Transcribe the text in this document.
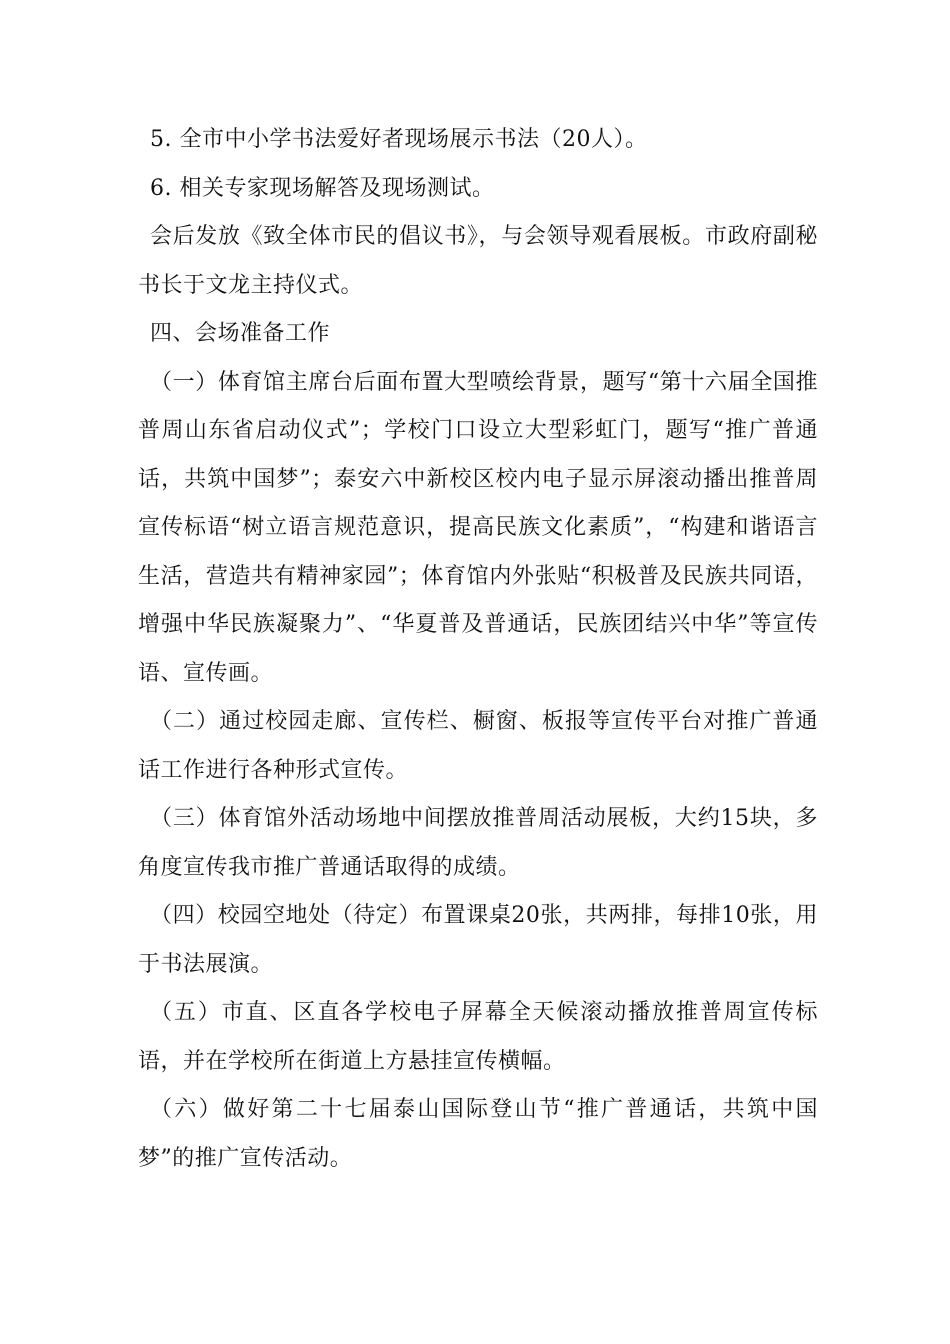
5. 全市中小学书法爱好者现场展示书法（20人）。

6. 相关专家现场解答及现场测试。

会后发放《致全体市民的倡议书》，与会领导观看展板。市政府副秘书长于文龙主持仪式。

四、会场准备工作

（一）体育馆主席台后面布置大型喷绘背景，题写“第十六届全国推普周山东省启动仪式”；学校门口设立大型彩虹门，题写“推广普通话，共筑中国梦”；泰安六中新校区校内电子显示屏滚动播出推普周宣传标语“树立语言规范意识，提高民族文化素质”，“构建和谐语言生活，营造共有精神家园”；体育馆内外张贴“积极普及民族共同语，增强中华民族凝聚力”、“华夏普及普通话，民族团结兴中华”等宣传语、宣传画。

（二）通过校园走廊、宣传栏、橱窗、板报等宣传平台对推广普通话工作进行各种形式宣传。

（三）体育馆外活动场地中间摆放推普周活动展板，大约15块，多角度宣传我市推广普通话取得的成绩。

（四）校园空地处（待定）布置课桌20张，共两排，每排10张，用于书法展演。

（五）市直、区直各学校电子屏幕全天候滚动播放推普周宣传标语，并在学校所在街道上方悬挂宣传横幅。

（六）做好第二十七届泰山国际登山节“推广普通话，共筑中国梦”的推广宣传活动。
